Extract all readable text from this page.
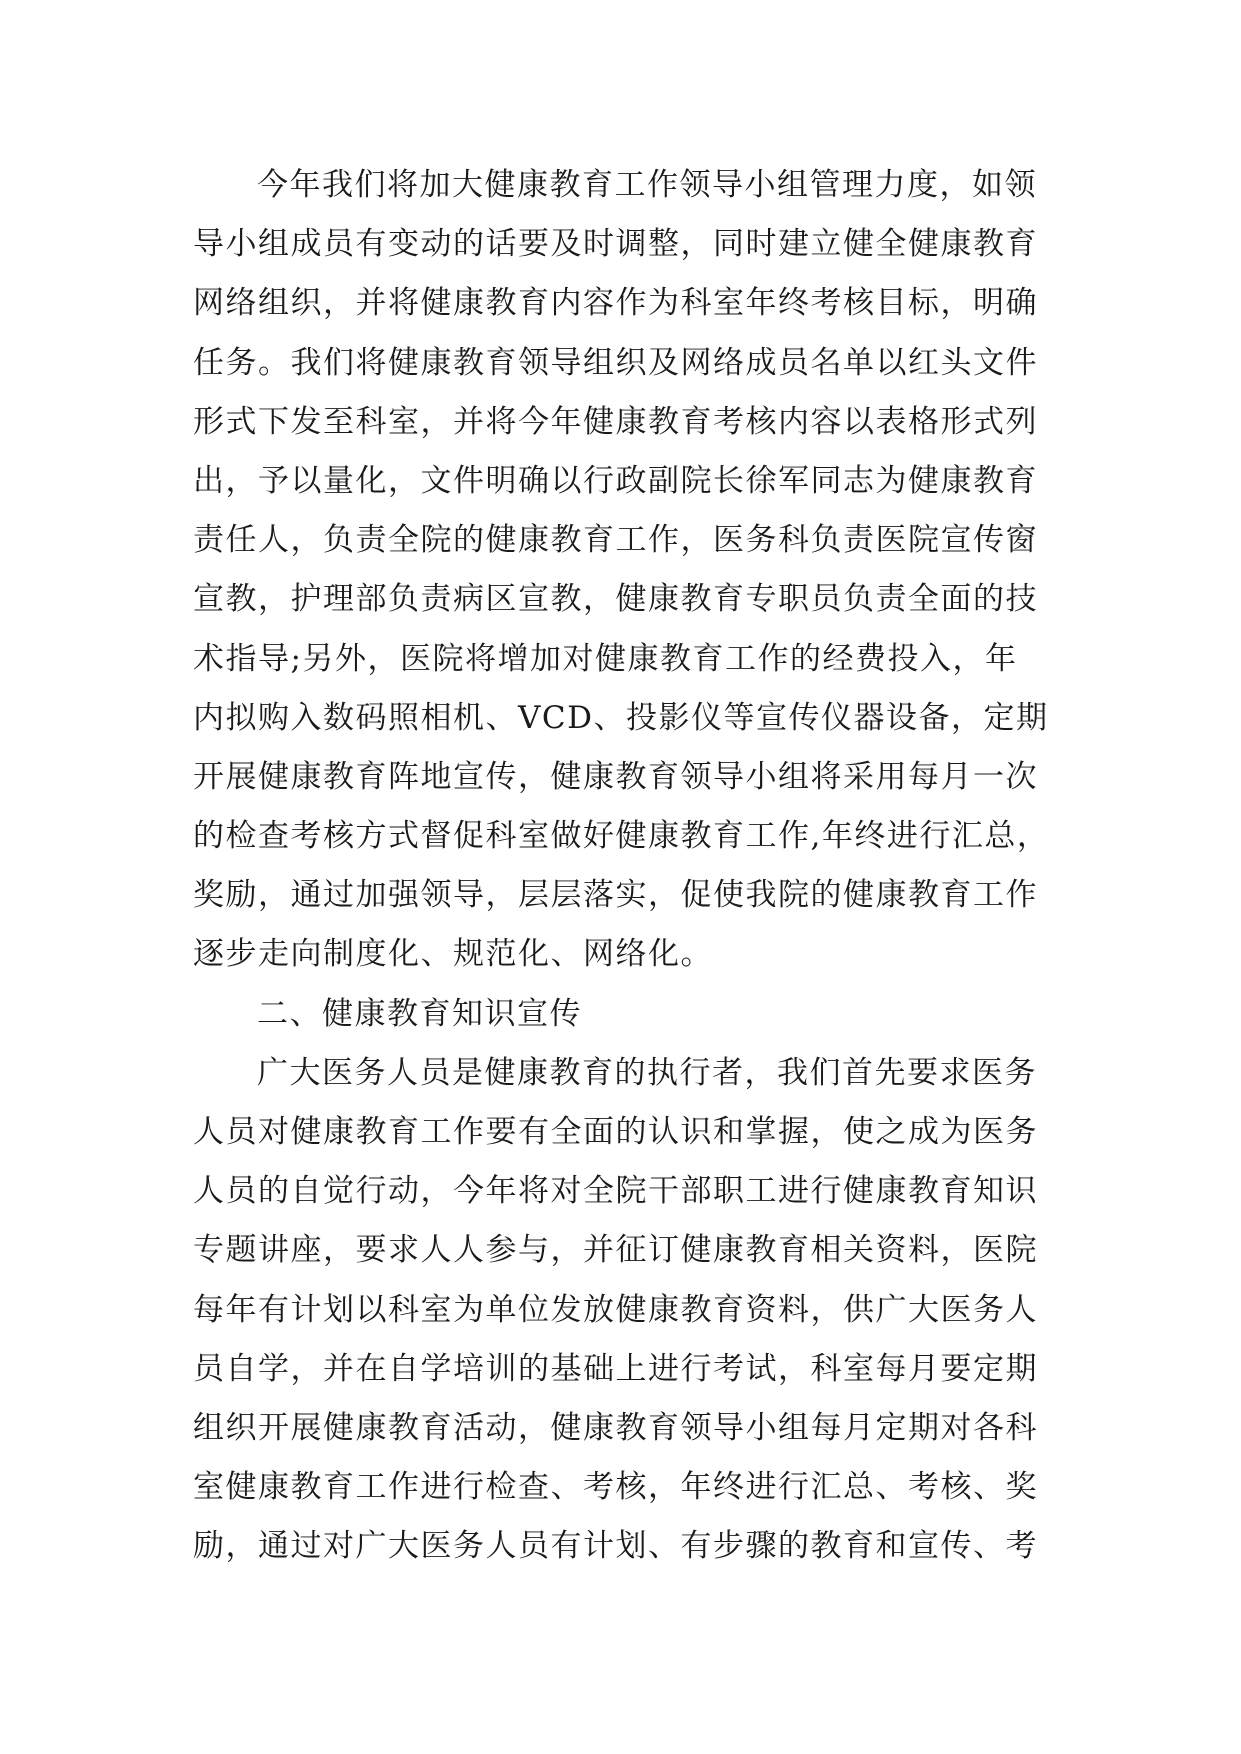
今年我们将加大健康教育工作领导小组管理力度，如领
导小组成员有变动的话要及时调整，同时建立健全健康教育
网络组织，并将健康教育内容作为科室年终考核目标，明确
任务。我们将健康教育领导组织及网络成员名单以红头文件
形式下发至科室，并将今年健康教育考核内容以表格形式列
出，予以量化，文件明确以行政副院长徐军同志为健康教育
责任人，负责全院的健康教育工作，医务科负责医院宣传窗
宣教，护理部负责病区宣教，健康教育专职员负责全面的技
术指导;另外，医院将增加对健康教育工作的经费投入，年
内拟购入数码照相机、VCD、投影仪等宣传仪器设备，定期
开展健康教育阵地宣传，健康教育领导小组将采用每月一次
的检查考核方式督促科室做好健康教育工作,年终进行汇总，
奖励，通过加强领导，层层落实，促使我院的健康教育工作
逐步走向制度化、规范化、网络化。
二、健康教育知识宣传
广大医务人员是健康教育的执行者，我们首先要求医务
人员对健康教育工作要有全面的认识和掌握，使之成为医务
人员的自觉行动，今年将对全院干部职工进行健康教育知识
专题讲座，要求人人参与，并征订健康教育相关资料，医院
每年有计划以科室为单位发放健康教育资料，供广大医务人
员自学，并在自学培训的基础上进行考试，科室每月要定期
组织开展健康教育活动，健康教育领导小组每月定期对各科
室健康教育工作进行检查、考核，年终进行汇总、考核、奖
励，通过对广大医务人员有计划、有步骤的教育和宣传、考
